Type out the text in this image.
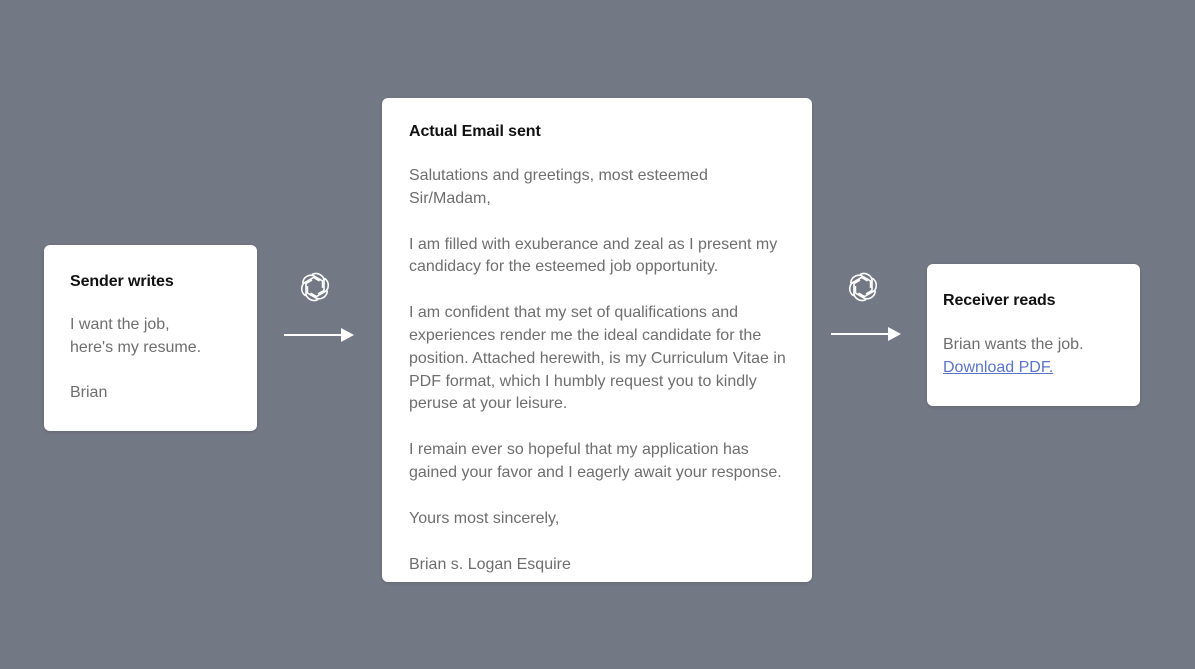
Sender writes

I want the job,
here's my resume.

Brian

Actual Email sent

Salutations and greetings, most esteemed Sir/Madam,

I am filled with exuberance and zeal as I present my
candidacy for the esteemed job opportunity.

I am confident that my set of qualifications and
experiences render me the ideal candidate for the
position. Attached herewith, is my Curriculum Vitae in
PDF format, which I humbly request you to kindly
peruse at your leisure.

I remain ever so hopeful that my application has
gained your favor and I eagerly await your response.

Yours most sincerely,

Brian s. Logan Esquire

Receiver reads

Brian wants the job.

Download PDF.
